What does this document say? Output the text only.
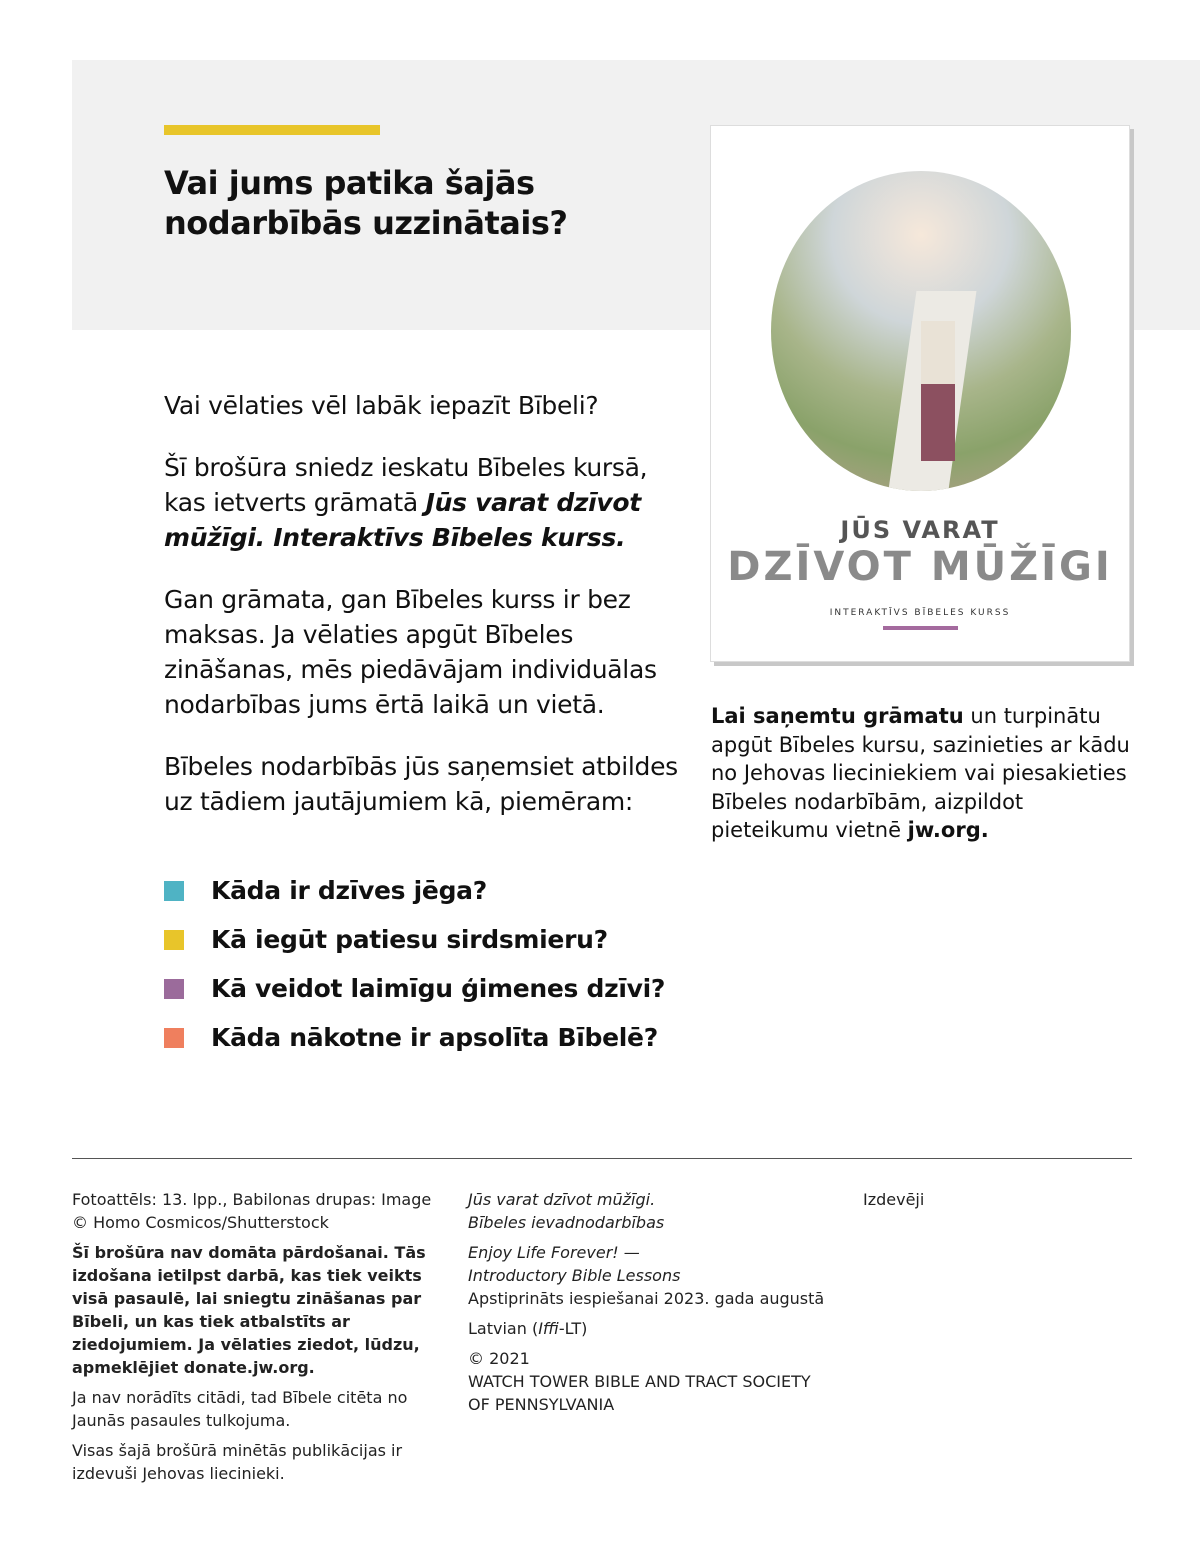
Vai jums patika šajās nodarbībās uzzinātais?

Vai vēlaties vēl labāk iepazīt Bībeli?

Šī brošūra sniedz ieskatu Bībeles kursā, kas ietverts grāmatā Jūs varat dzīvot mūžīgi. Interaktīvs Bībeles kurss.

Gan grāmata, gan Bībeles kurss ir bez maksas. Ja vēlaties apgūt Bībeles zināšanas, mēs piedāvājam individuālas nodarbības jums ērtā laikā un vietā.

Bībeles nodarbībās jūs saņemsiet atbildes uz tādiem jautājumiem kā, piemēram:

Kāda ir dzīves jēga?
Kā iegūt patiesu sirdsmieru?
Kā veidot laimīgu ģimenes dzīvi?
Kāda nākotne ir apsolīta Bībelē?
JŪS VARAT
DZĪVOT MŪŽĪGI
INTERAKTĪVS BĪBELES KURSS
Lai saņemtu grāmatu un turpinātu apgūt Bībeles kursu, sazinieties ar kādu no Jehovas lieciniekiem vai piesakieties Bībeles nodarbībām, aizpildot pieteikumu vietnē jw.org.

Fotoattēls: 13. lpp., Babilonas drupas: Image © Homo Cosmicos/Shutterstock

Šī brošūra nav domāta pārdošanai. Tās izdošana ietilpst darbā, kas tiek veikts visā pasaulē, lai sniegtu zināšanas par Bībeli, un kas tiek atbalstīts ar ziedojumiem. Ja vēlaties ziedot, lūdzu, apmeklējiet donate.jw.org.

Ja nav norādīts citādi, tad Bībele citēta no Jaunās pasaules tulkojuma.

Visas šajā brošūrā minētās publikācijas ir izdevuši Jehovas liecinieki.

Jūs varat dzīvot mūžīgi. Bībeles ievadnodarbības

Enjoy Life Forever! —Introductory Bible Lessons

Apstiprināts iespiešanai 2023. gada augustā

Latvian (Iffi-LT)

© 2021

WATCH TOWER BIBLE AND TRACT SOCIETY OF PENNSYLVANIA

Izdevēji
